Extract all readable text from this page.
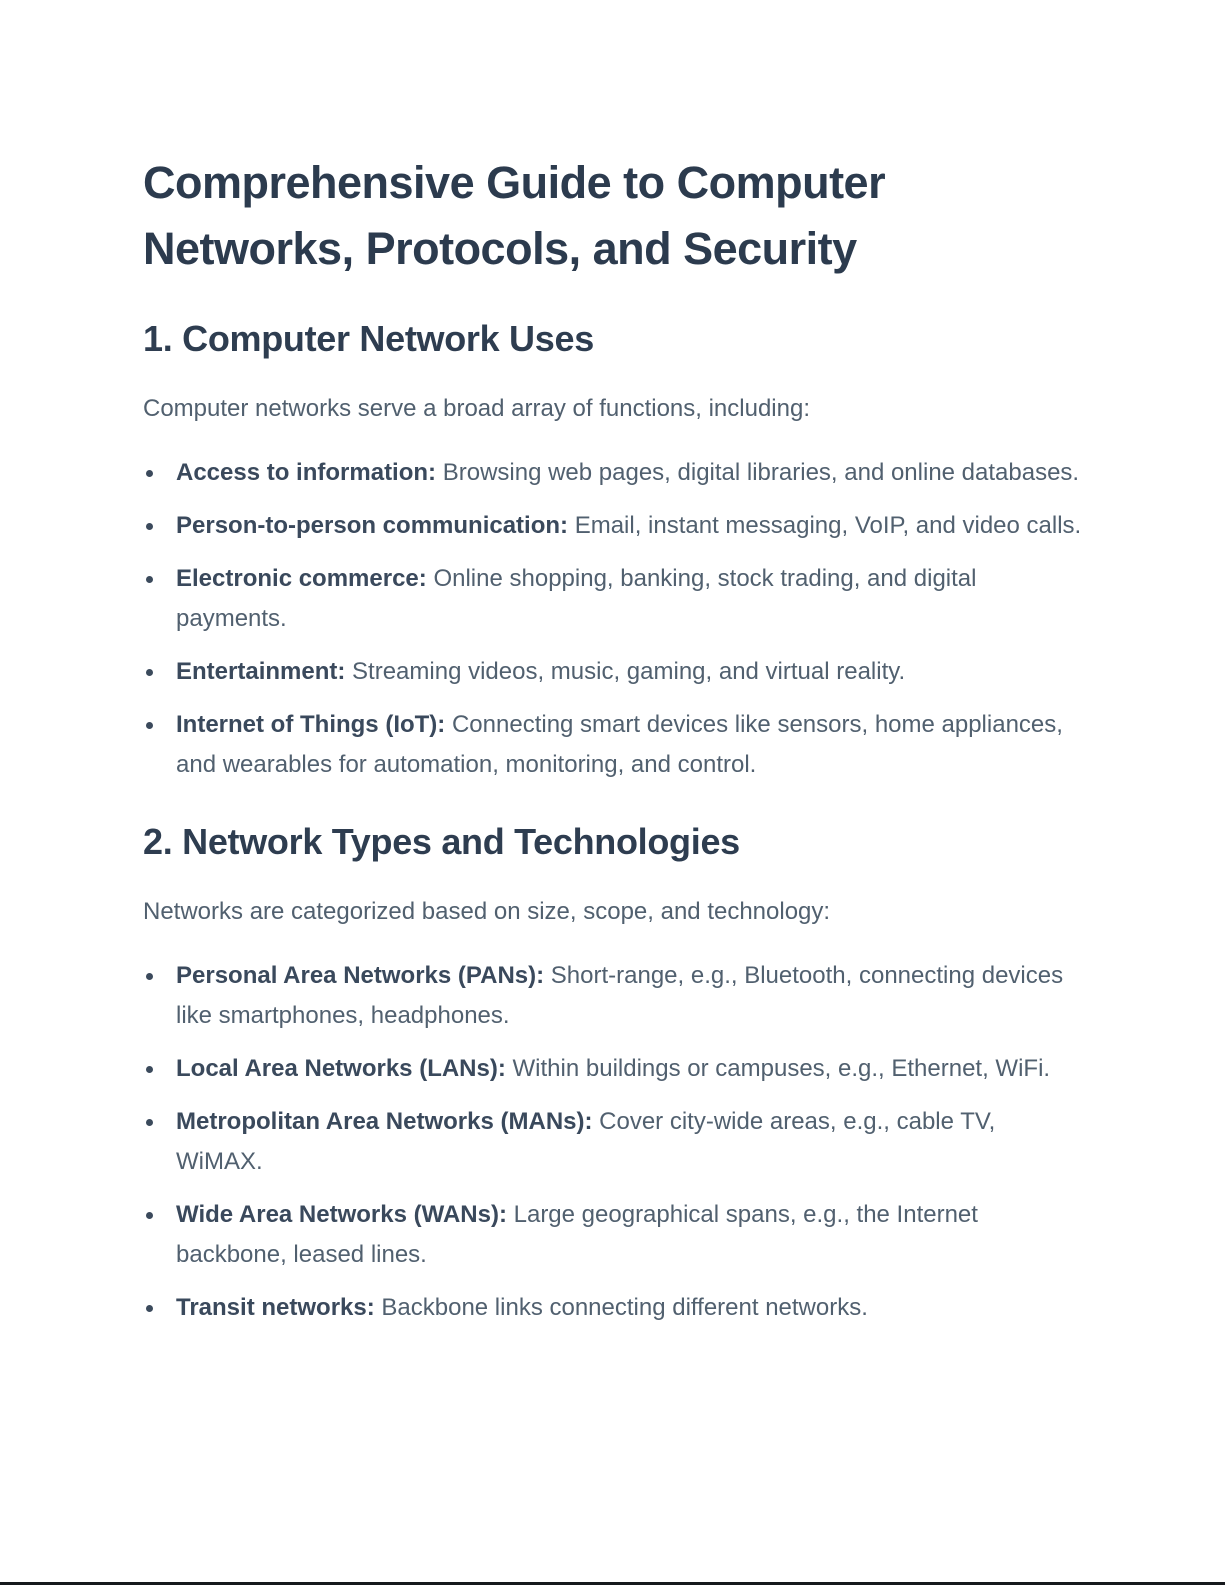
Comprehensive Guide to Computer Networks, Protocols, and Security
1. Computer Network Uses

Computer networks serve a broad array of functions, including:

Access to information: Browsing web pages, digital libraries, and online databases.
Person-to-person communication: Email, instant messaging, VoIP, and video calls.
Electronic commerce: Online shopping, banking, stock trading, and digital payments.
Entertainment: Streaming videos, music, gaming, and virtual reality.
Internet of Things (IoT): Connecting smart devices like sensors, home appliances, and wearables for automation, monitoring, and control.
2. Network Types and Technologies

Networks are categorized based on size, scope, and technology:

Personal Area Networks (PANs): Short-range, e.g., Bluetooth, connecting devices like smartphones, headphones.
Local Area Networks (LANs): Within buildings or campuses, e.g., Ethernet, WiFi.
Metropolitan Area Networks (MANs): Cover city-wide areas, e.g., cable TV, WiMAX.
Wide Area Networks (WANs): Large geographical spans, e.g., the Internet backbone, leased lines.
Transit networks: Backbone links connecting different networks.
